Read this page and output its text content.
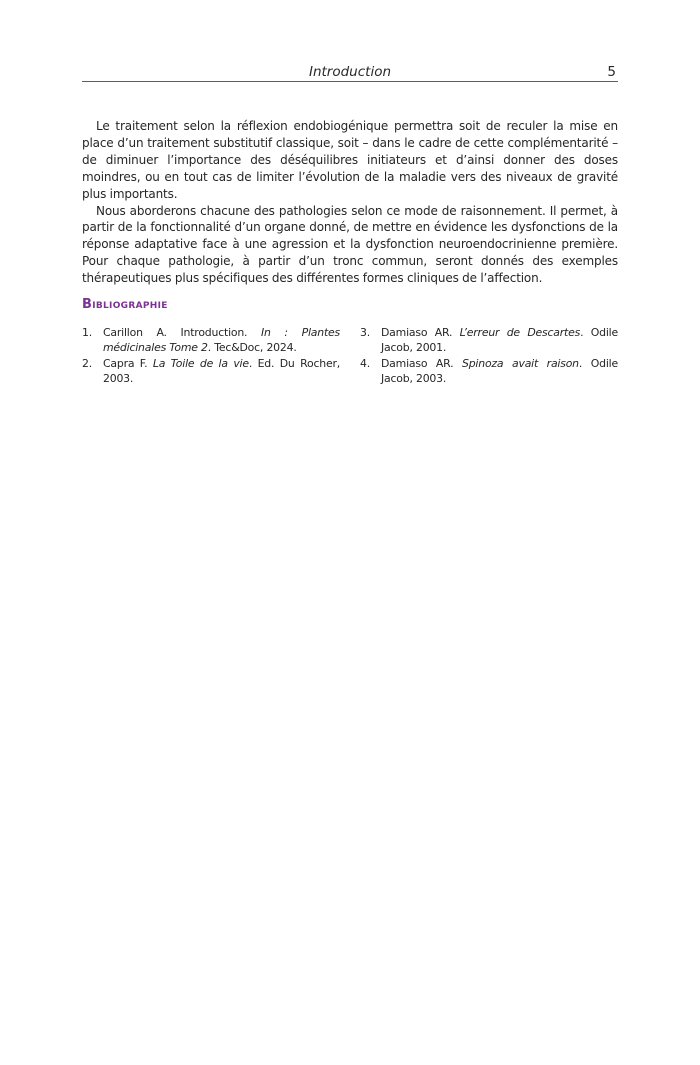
Introduction	5

Le traitement selon la réflexion endobiogénique permettra soit de reculer la mise en place d’un traitement substitutif classique, soit – dans le cadre de cette complémentarité – de diminuer l’importance des déséquilibres initiateurs et d’ainsi donner des doses moindres, ou en tout cas de limiter l’évolution de la maladie vers des niveaux de gravité plus importants.

Nous aborderons chacune des pathologies selon ce mode de raisonnement. Il permet, à partir de la fonctionnalité d’un organe donné, de mettre en évidence les dysfonctions de la réponse adaptative face à une agression et la dysfonction neuroendocrinienne première. Pour chaque pathologie, à partir d’un tronc commun, seront donnés des exemples thérapeutiques plus spécifiques des différentes formes cliniques de l’affection.

Bibliographie
1. Carillon A. Introduction. In : Plantes médicinales Tome 2. Tec&Doc, 2024.
2. Capra F. La Toile de la vie. Ed. Du Rocher, 2003.
3. Damiaso AR. L’erreur de Descartes. Odile Jacob, 2001.
4. Damiaso AR. Spinoza avait raison. Odile Jacob, 2003.
